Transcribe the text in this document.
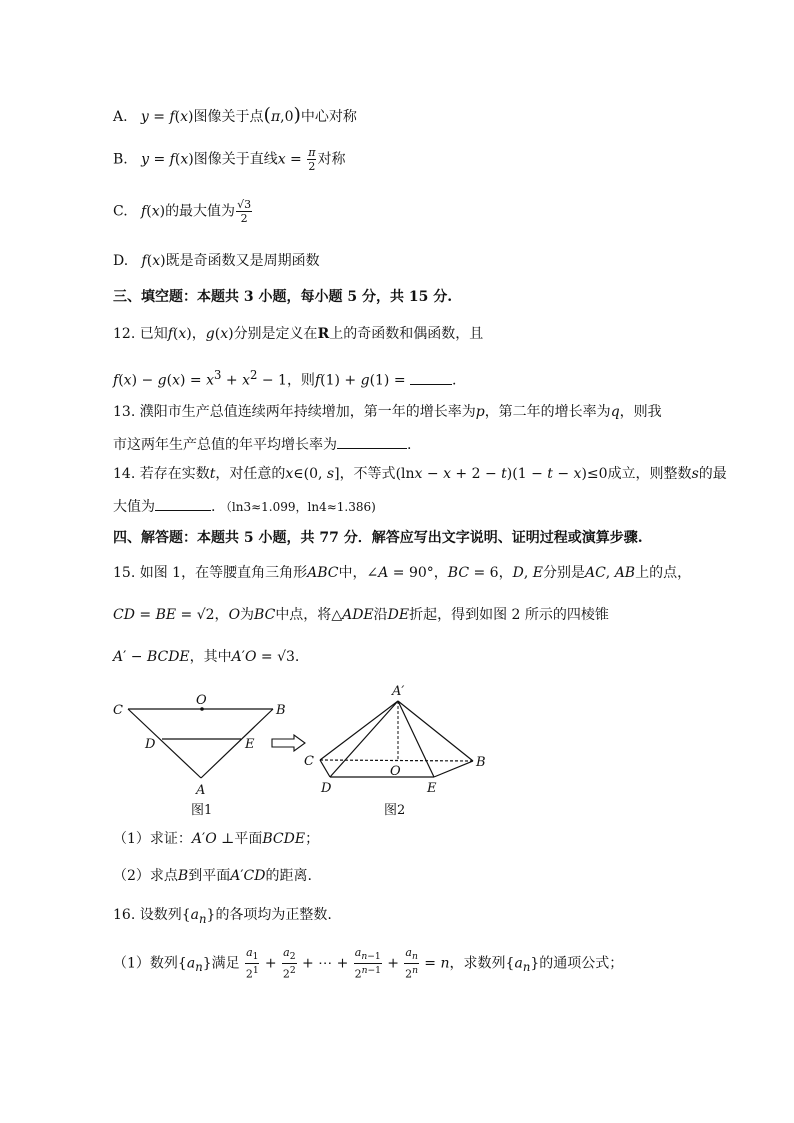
A. y = f(x)图像关于点(π,0)中心对称
B. y = f(x)图像关于直线$x = \frac{\pi}{2}$ 对称
C. f(x)的最大值为 $\frac{√3}{2}$
D. f(x)既是奇函数又是周期函数
三、填空题：本题共 3 小题，每小题 5 分，共 15 分.
12. 已知f(x)，g(x)分别是定义在R上的奇函数和偶函数，且
$f(x) - g(x) = x^3 + x^2 - 1$，则f(1) + g(1) =	.
13. 濮阳市生产总值连续两年持续增加，第一年的增长率为p，第二年的增长率为q，则我
市这两年生产总值的年平均增长率为	.
14. 若存在实数t，对任意的x∈(0, s]，不等式(lnx − x + 2 − t)(1 − t − x)≤0成立，则整数s的最
大值为	. （ln3≈1.099，ln4≈1.386)
四、解答题：本题共 5 小题，共 77 分．解答应写出文字说明、证明过程或演算步骤.
15. 如图 1，在等腰直角三角形ABC中，∠A = 90°，BC = 6，D, E分别是AC, AB上的点，
CD = BE = √2，O为BC中点，将△ADE沿DE折起，得到如图 2 所示的四棱锥
A′ − BCDE，其中A′O = √3.
C
O
B
D	E
A
图1
A′
C
O
B
D	E
图2
（1）求证：A′O ⊥平面BCDE；
（2）求点B到平面A′CD的距离.
16. 设数列$\{a_n\}$的各项均为正整数.
（1）数列$\{a_n\}$满足 $\frac{a_1}{2^1} + \frac{a_2}{2^2}$ + ⋯ + $\frac{a_{n-1}}{2^{n-1}} + \frac{a_n}{2^n} = n$，求数列$\{a_n\}$的通项公式；
